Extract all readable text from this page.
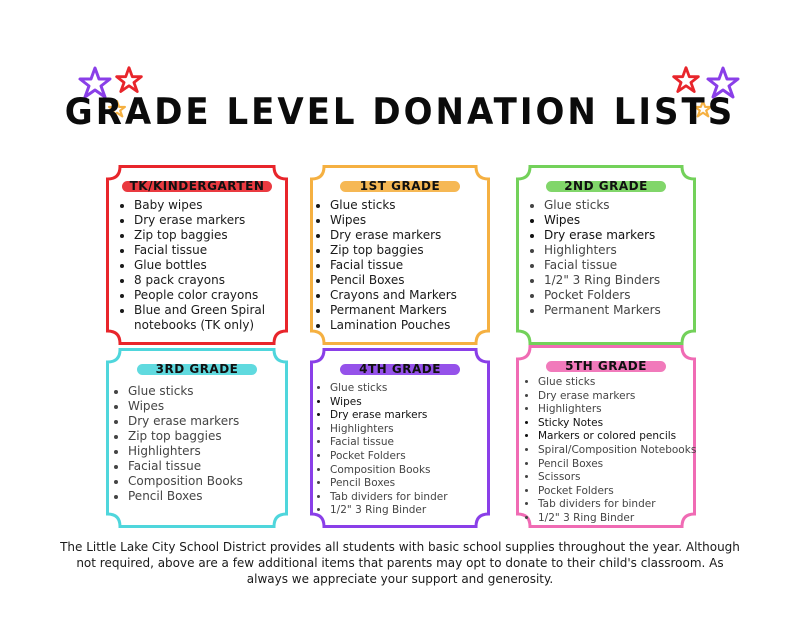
GRADE LEVEL DONATION LISTS
TK/KINDERGARTEN
• Baby wipes
• Dry erase markers
• Zip top baggies
• Facial tissue
• Glue bottles
• 8 pack crayons
• People color crayons
• Blue and Green Spiral notebooks (TK only)
1ST GRADE
• Glue sticks
• Wipes
• Dry erase markers
• Zip top baggies
• Facial tissue
• Pencil Boxes
• Crayons and Markers
• Permanent Markers
• Lamination Pouches
2ND GRADE
• Glue sticks
• Wipes
• Dry erase markers
• Highlighters
• Facial tissue
• 1/2" 3 Ring Binders
• Pocket Folders
• Permanent Markers
3RD GRADE
• Glue sticks
• Wipes
• Dry erase markers
• Zip top baggies
• Highlighters
• Facial tissue
• Composition Books
• Pencil Boxes
4TH GRADE
• Glue sticks
• Wipes
• Dry erase markers
• Highlighters
• Facial tissue
• Pocket Folders
• Composition Books
• Pencil Boxes
• Tab dividers for binder
• 1/2" 3 Ring Binder
5TH GRADE
• Glue sticks
• Dry erase markers
• Highlighters
• Sticky Notes
• Markers or colored pencils
• Spiral/Composition Notebooks
• Pencil Boxes
• Scissors
• Pocket Folders
• Tab dividers for binder
• 1/2" 3 Ring Binder
The Little Lake City School District provides all students with basic school supplies throughout the year. Although not required, above are a few additional items that parents may opt to donate to their child's classroom. As always we appreciate your support and generosity.
